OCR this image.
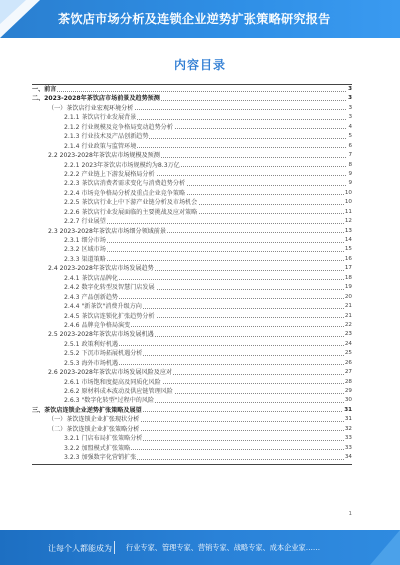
茶饮店市场分析及连锁企业逆势扩张策略研究报告
内容目录
一、前言	3
二、2023-2028年茶饮店市场前景及趋势预测	3
（一）茶饮店行业宏观环境分析	3
2.1.1 茶饮店行业发展背景	3
2.1.2 行业规模及竞争格局变动趋势分析	4
2.1.3 行业技术及产品创新趋势	5
2.1.4 行业政策与监管环境	6
2.2 2023-2028年茶饮店市场规模及预测	7
2.2.1 2023年茶饮店市场规模约为8.3万亿	8
2.2.2 产业链上下游发展格局分析	9
2.2.3 茶饮店消费者需求变化与消费趋势分析	9
2.2.4 市场竞争格局分析及重点企业竞争策略	10
2.2.5 茶饮店行业上中下游产业链分析及市场机会	10
2.2.6 茶饮店行业发展面临的主要挑战及应对策略	11
2.2.7 行业展望	12
2.3 2023-2028年茶饮店市场细分领域前景	13
2.3.1 细分市场	14
2.3.2 区域市场	15
2.3.3 渠道策略	16
2.4 2023-2028年茶饮店市场发展趋势	17
2.4.1 茶饮店品牌化	18
2.4.2 数字化转型及智慧门店发展	19
2.4.3 产品创新趋势	20
2.4.4 "新茶饮"消费升级方向	21
2.4.5 茶饮店连锁化扩张趋势分析	21
2.4.6 品牌竞争格局演变	22
2.5 2023-2028年茶饮店市场发展机遇	23
2.5.1 政策利好机遇	24
2.5.2 下沉市场拓展机遇分析	25
2.5.3 海外市场机遇	26
2.6 2023-2028年茶饮店市场发展风险及应对	27
2.6.1 市场饱和度提高及同质化风险	28
2.6.2 原材料成本波动及供应链管理风险	29
2.6.3 "数字化转型"过程中的风险	30
三、茶饮店连锁企业逆势扩张策略及展望	31
（一）茶饮连锁企业扩张现状分析	31
（二）茶饮连锁企业扩张策略分析	32
3.2.1 门店布局扩张策略分析	33
3.2.2 加盟模式扩张策略	33
3.2.3 加强数字化营销扩张	34
1
让每个人都能成为 行业专家、管理专家、营销专家、战略专家、成本企业家……
